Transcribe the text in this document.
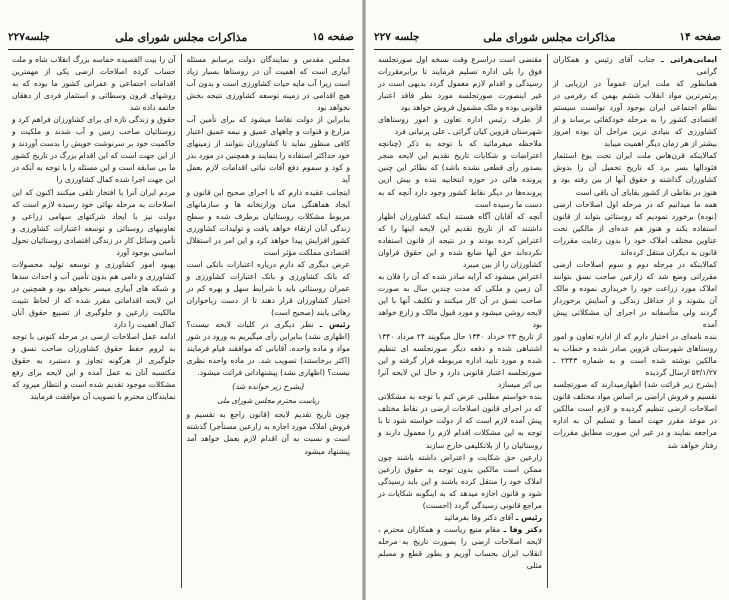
جلسه۲۲۷	مذاکرات مجلس شورای ملی	صفحه ۱۵

مجلس مقدس و نمایندگان دولت برسانم مسئله آبیاری است که اهمیت آن در روستاها بسیار زیاد است زیرا آب مایه حیات کشاورزی است و بدون آب هیچ اقدامی در زمینه توسعه کشاورزی نتیجه بخش نخواهد بود

بنابراین از دولت تقاضا میشود که برای تأمین آب مزارع و قنوات و چاههای عمیق و نیمه عمیق اعتبار کافی منظور نماید تا کشاورزان بتوانند از زمینهای خود حداکثر استفاده را بنمایند و همچنین در مورد بذر و کود و سموم دفع آفات نباتی اقدامات لازم بعمل آید

اینجانب عقیده دارم که با اجرای صحیح این قانون و ایجاد هماهنگی میان وزارتخانه ها و سازمانهای مربوط مشکلات روستائیان برطرف شده و سطح زندگی آنان ارتقاء خواهد یافت و تولیدات کشاورزی کشور افزایش پیدا خواهد کرد و این امر در استقلال اقتصادی مملکت مؤثر است

عرض دیگری که دارم درباره اعتبارات بانکی است که بانک کشاورزی و بانک اعتبارات کشاورزی و عمران روستائی باید با شرایط سهل و بهره کم در اختیار کشاورزان قرار دهند تا از دست رباخواران رهائی یابند (صحیح است)

رئیس ـ نظر دیگری در کلیات لایحه نیست؟ (اظهاری نشد) بنابراین رأی میگیریم به ورود در شور مواد و ماده واحده. آقایانی که موافقند قیام فرمایند (اکثر برخاستند) تصویب شد. در ماده واحده نظری نیست؟ (اظهاری نشد) پیشنهاداتی قرائت میشود.

(بشرح زیر خوانده شد)

ریاست محترم مجلس شورای ملی

چون تاریخ تقدیم لایحه (قانون راجع به تقسیم و فروش املاک مورد اجاره به زارعین مستأجر) گذشته است و نسبت به آن اقدام لازم بعمل خواهد آمد پیشنهاد میشود

آن را بیت القصیده حماسه بزرگ انقلاب شاه و ملت حساب کرده اصلاحات ارضی یکی از مهمترین اقدامات اجتماعی و عمرانی کشور ما بوده که به روشهای قرون وسطائی و استثمار فردی از دهقان خاتمه داده شد

حقوق و زندگی تازه ای برای کشاورزان فراهم کرد و روستائیان صاحب زمین و آب شدند و ملکیت و حاکمیت خود بر سرنوشت خویش را بدست آوردند و از این جهت است که این اقدام بزرگ در تاریخ کشور ما بی سابقه است و این مسئله را با توجه به آنکه در این جهت اجرا شده کمال کشاورزی را

مردم ایران آنرا با افتخار تلقی میکنند اکنون که این اصلاحات به مرحله نهائی خود رسیده لازم است که دولت نیز با ایجاد شرکتهای سهامی زراعی و تعاونیهای روستائی و توسعه اعتبارات کشاورزی و تأمین وسائل کار در زندگی اقتصادی روستائیان تحول اساسی بوجود آورد

بهبود امور کشاورزی و توسعه تولید محصولات کشاورزی و دامی هم بدون تأمین آب و احداث سدها و شبکه های آبیاری میسر نخواهد بود و همچنین در این لایحه اقداماتی مقرر شده که از لحاظ تثبیت مالکیت زارعین و جلوگیری از تضییع حقوق آنان کمال اهمیت را دارد

ادامه عمل اصلاحات ارضی در مرحله کنونی با توجه به لزوم حفظ حقوق کشاورزان صاحب نسق و جلوگیری از هرگونه تجاوز و دستبرد به حقوق مکتسبه آنان به عمل آمده و این لایحه برای رفع مشکلات موجود تقدیم شده است و انتظار میرود که نمایندگان محترم با تصویب آن موافقت فرمایند

جلسه ۲۲۷	مذاکرات مجلس شورای ملی	صفحه ۱۴

ایمانی‌هراتی ـ جناب آقای رئیس و همکاران گرامی

همانطور که ملت ایران عموماً در ارزیابی از پرثمرترین مواد انقلاب ششم بهمن که رفرمی در نظام اجتماعی ایران بوجود آورد توانست سیستم اقتصادی کشور را به مرحله خودکفائی برساند و از کشاورزی که بنیادی ترین مراحل آن بوده امروز بیشتر از هر زمان دیگر اهمیت مییابد

کمالاینکه قرن‌هاس ملت ایران تحت یوغ استثمار فئودالها بسر برد که تاریخ تحمیل آن را بدوش کشاورزان گذاشته و حقوق آنها از بین رفته بود و هنوز در نقاطی از کشور بقایای آن باقی است

همه ما میدانیم که در مرحله اول اصلاحات ارضی (نوده) برخورد نمودیم که روستائی بتواند از قانون استفاده بکند و هنوز هم عده‌ای از مالکین تحت عناوین مختلف املاک خود را بدون رعایت مقررات قانون به دیگران منتقل کرده‌اند

کمالاینکه در مرحله دوم و سوم اصلاحات ارضی مقرراتی وضع شد که زارعین صاحب نسق بتوانند املاک مورد زراعت خود را خریداری نموده و مالک آن بشوند و از حداقل زندگی و آسایش برخوردار گردند ولی متأسفانه در اجرای آن مشکلاتی پیش آمده

بنده نامه‌ای در اختیار دارم که از اداره تعاون و امور روستاهای شهرستان قزوین صادر شده و خطاب به مالکین نوشته شده است و به شماره ۲۳۴۳ ـ ۵۳/۱/۲۷ ارسال گردیده

(بشرح زیر قرائت شد) اظهارمیدارند که صورتجلسه تقسیم و فروش اراضی بر اساس مواد مختلف قانون اصلاحات ارضی تنظیم گردیده و لازم است مالکین در موعد مقرر جهت امضا و تسلیم آن به اداره مراجعه نمایند و در غیر این صورت مطابق مقررات رفتار خواهد شد

مقتضی است دراسرع وقت نسخه اول صورتجلسه فوق را بلی اداره تسلیم فرمایند تا برابرمقررات رسیدگی و اقدام لازم معمول گردد بدیهی است در غیر اینصورت صورتجلسه مورد نظر فاقد اعتبار قانونی بوده و ملک مشمول فروش خواهد بود

از طرف رئیس اداره تعاون و امور روستاهای شهرستان قزوین کیان گرائی ـ علی پرنیانی فرد

ملاحظه میفرمائید که با توجه به ذکر (چنانچه اعتراضات و شکایات تاریخ تقدیم این لایحه منجر بصدور رأی قطعی نشده باشد) که نظائر این چنین پرونده هائی در حوزه انتخابیه بنده و بیش ازین پرونده‌ها در دیگر نقاط کشور وجود دارد آنچه که به دست ما رسیده است

آنچه که آقایان آگاه هستند اینکه کشاورزان اظهار داشتند که از تاریخ تقدیم این لایحه اینها را که اعتراض کرده بودند و در نتیجه از قانون استفاده نکرده‌اند حق آنها ضایع شده و این حقوق فراوان کشاورزان را از بین میبرد

اعتراض میشود که آرایه صادر شده که آن را فلان به آن زمین و ملکی که مدت چندین سال به صورت صاحب نسق در آن کار میکنند و تکلیف آنها با این لایحه روشن میشود و مورد قبول مالک و زارع خواهد بود

از تاریخ ۲۳ خرداد ۱۳۴۰ حال میگویند ۲۴ مرداد ۱۳۴۰ اشتباهی شده و دفعه دیگر صورتجلسه ای تنظیم شده و مورد تأیید اداره مربوطه قرار گرفته و این صورتجلسه اعتبار قانونی دارد و حال این لایحه آنرا بی اثر میسازد

بنده خواستم مطلبی عرض کنم با توجه به مشکلاتی که در اجرای قانون اصلاحات ارضی در نقاط مختلف پیش آمده لازم است که از دولت خواسته شود تا با توجه به این مشکلات اقدام لازم را معمول دارند و روستائیان را از بلاتکلیفی خارج سازند

زارعین حق شکایت و اعتراض داشته باشند چون ممکن است مالکین بدون توجه به حقوق زارعین املاک خود را منتقل کرده باشند و این باید رسیدگی شود و قانون اجازه میدهد که به اینگونه شکایات در مراجع قانونی رسیدگی گردد (احسنت)

رئیس ـ آقای دکتر وفا بفرمائید

دکتر وفا ـ مقام منیع ریاست و همکاران محترم ، لایحه اصلاحات ارضی را بصورت تاریخ به مرحله انقلاب ایران بحساب آوریم و بطور قطع و مسلم مثلی
